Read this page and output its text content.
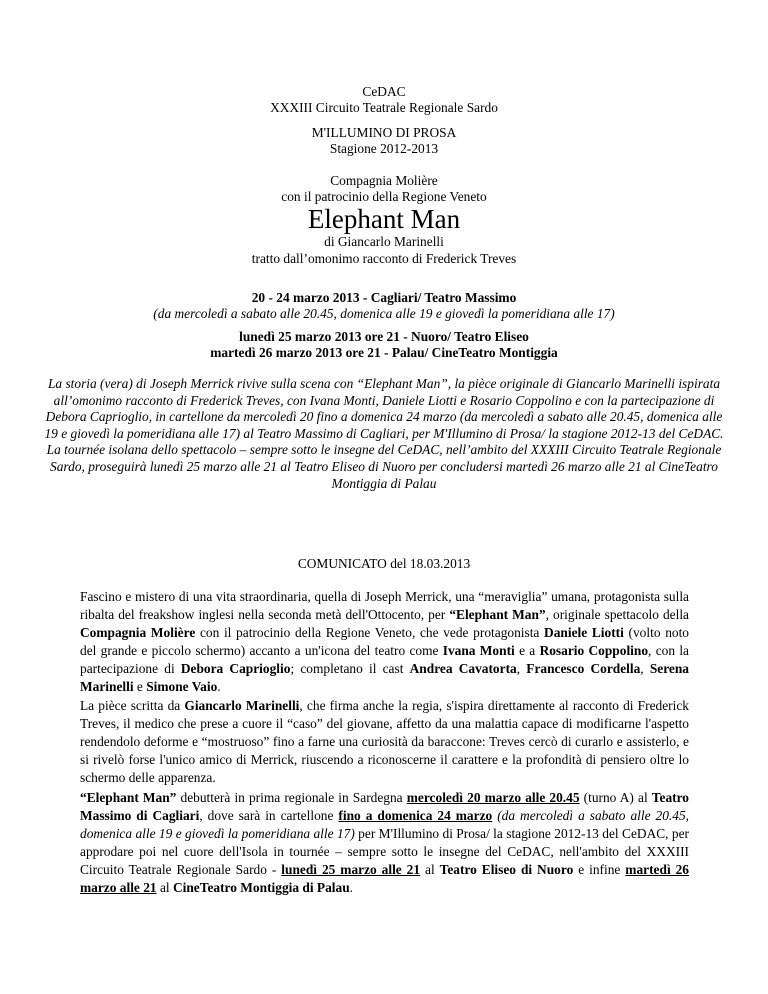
CeDAC
XXXIII Circuito Teatrale Regionale Sardo
M'ILLUMINO DI PROSA
Stagione 2012-2013
Compagnia Molière
con il patrocinio della Regione Veneto
Elephant Man
di Giancarlo Marinelli
tratto dall’omonimo racconto di Frederick Treves
20 - 24 marzo 2013 - Cagliari/ Teatro Massimo
(da mercoledì a sabato alle 20.45, domenica alle 19 e giovedì la pomeridiana alle 17)
lunedì 25 marzo 2013 ore 21 - Nuoro/ Teatro Eliseo
martedì 26 marzo 2013 ore 21 - Palau/ CineTeatro Montiggia
La storia (vera) di Joseph Merrick rivive sulla scena con “Elephant Man”, la pièce originale di Giancarlo Marinelli ispirata all’omonimo racconto di Frederick Treves, con Ivana Monti, Daniele Liotti e Rosario Coppolino e con la partecipazione di Debora Caprioglio, in cartellone da mercoledì 20 fino a domenica 24 marzo (da mercoledì a sabato alle 20.45, domenica alle 19 e giovedì la pomeridiana alle 17) al Teatro Massimo di Cagliari, per M'Illumino di Prosa/ la stagione 2012-13 del CeDAC.
La tournée isolana dello spettacolo – sempre sotto le insegne del CeDAC, nell’ambito del XXXIII Circuito Teatrale Regionale Sardo, proseguirà lunedì 25 marzo alle 21 al Teatro Eliseo di Nuoro per concludersi martedì 26 marzo alle 21 al CineTeatro Montiggia di Palau
COMUNICATO del 18.03.2013
Fascino e mistero di una vita straordinaria, quella di Joseph Merrick, una “meraviglia” umana, protagonista sulla ribalta del freakshow inglesi nella seconda metà dell'Ottocento, per “Elephant Man”, originale spettacolo della Compagnia Molière con il patrocinio della Regione Veneto, che vede protagonista Daniele Liotti (volto noto del grande e piccolo schermo) accanto a un'icona del teatro come Ivana Monti e a Rosario Coppolino, con la partecipazione di Debora Caprioglio; completano il cast Andrea Cavatorta, Francesco Cordella, Serena Marinelli e Simone Vaio.
La pièce scritta da Giancarlo Marinelli, che firma anche la regia, s'ispira direttamente al racconto di Frederick Treves, il medico che prese a cuore il “caso” del giovane, affetto da una malattia capace di modificarne l'aspetto rendendolo deforme e “mostruoso” fino a farne una curiosità da baraccone: Treves cercò di curarlo e assisterlo, e si rivelò forse l'unico amico di Merrick, riuscendo a riconoscerne il carattere e la profondità di pensiero oltre lo schermo delle apparenza.
“Elephant Man” debutterà in prima regionale in Sardegna mercoledì 20 marzo alle 20.45 (turno A) al Teatro Massimo di Cagliari, dove sarà in cartellone fino a domenica 24 marzo (da mercoledì a sabato alle 20.45, domenica alle 19 e giovedì la pomeridiana alle 17) per M'Illumino di Prosa/ la stagione 2012-13 del CeDAC, per approdare poi nel cuore dell'Isola in tournée – sempre sotto le insegne del CeDAC, nell'ambito del XXXIII Circuito Teatrale Regionale Sardo - lunedì 25 marzo alle 21 al Teatro Eliseo di Nuoro e infine martedì 26 marzo alle 21 al CineTeatro Montiggia di Palau.
